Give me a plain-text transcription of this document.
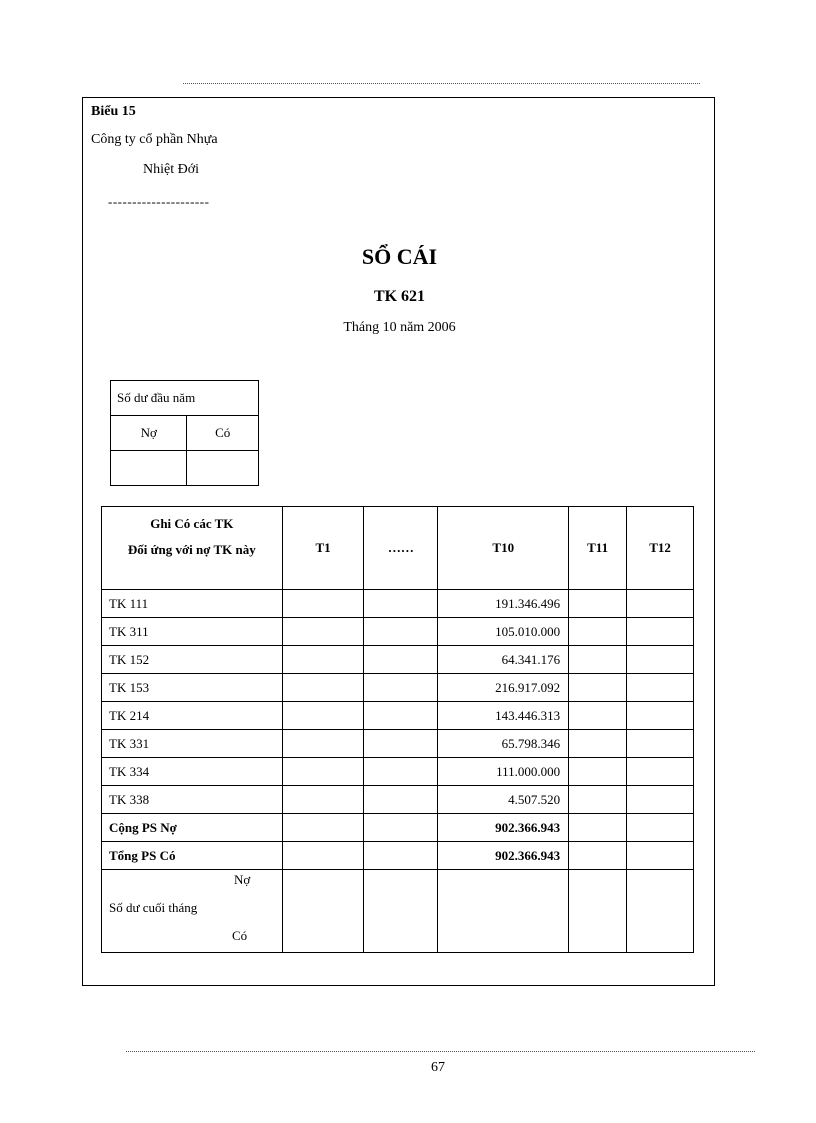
Biểu 15
Công ty cổ phần Nhựa
Nhiệt Đới
---------------------
SỔ CÁI
TK 621
Tháng 10 năm 2006
Số dư đầu năm	
Nợ	Có

Ghi Có các TK
Đối ứng với nợ TK này	T1	……	T10	T11	T12
TK 111			191.346.496		
TK 311			105.010.000		
TK 152			64.341.176		
TK 153			216.917.092		
TK 214			143.446.313		
TK 331			65.798.346		
TK 334			111.000.000		
TK 338			4.507.520		
Cộng PS Nợ			902.366.943		
Tổng PS Có			902.366.943		

Nợ
Số dư cuối tháng
Có					

67
